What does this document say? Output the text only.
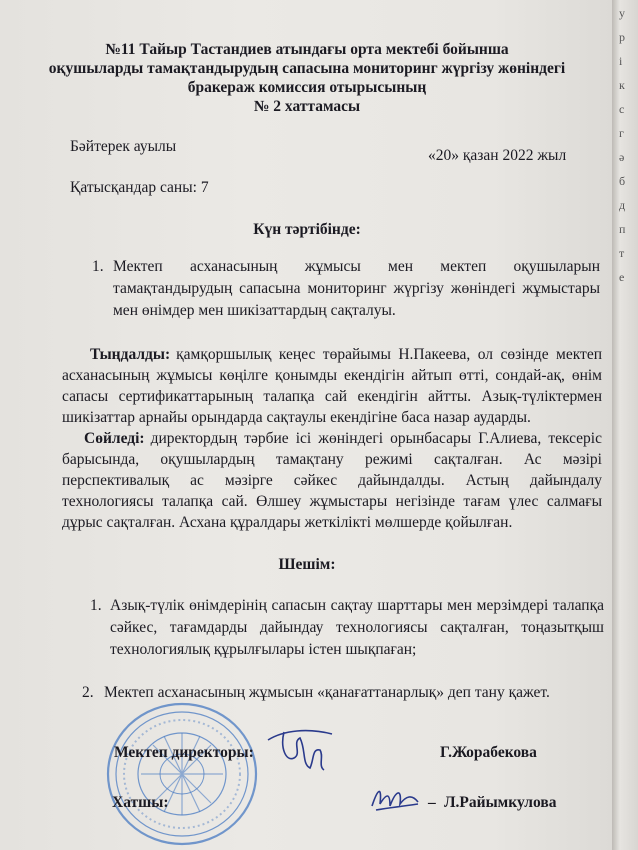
№11 Тайыр Тастандиев атындағы орта мектебі бойынша
оқушыларды тамақтандырудың сапасына мониторинг жүргізу жөніндегі
бракераж комиссия отырысының
№ 2 хаттамасы
Бәйтерек ауылы
«20» қазан 2022 жыл
Қатысқандар саны: 7
Күн тәртібінде:
1. Мектеп асханасының жұмысы мен мектеп оқушыларын
тамақтандырудың сапасына мониторинг жүргізу жөніндегі жұмыстары
мен өнімдер мен шикізаттардың сақталуы.
Тыңдалды: қамқоршылық кеңес төрайымы Н.Пакеева, ол сөзінде мектеп
асханасының жұмысы көңілге қонымды екендігін айтып өтті, сондай-ақ, өнім
сапасы сертификаттарының талапқа сай екендігін айтты. Азық-түліктермен
шикізаттар арнайы орындарда сақтаулы екендігіне баса назар аударды.
Сөйледі: директордың тәрбие ісі жөніндегі орынбасары Г.Алиева, тексеріс
барысында, оқушылардың тамақтану режимі сақталған. Ас мәзірі
перспективалық ас мәзірге сәйкес дайындалды. Астың дайындалу
технологиясы талапқа сай. Өлшеу жұмыстары негізінде тағам үлес салмағы
дұрыс сақталған. Асхана құралдары жеткілікті мөлшерде қойылған.
Шешім:
1. Азық-түлік өнімдерінің сапасын сақтау шарттары мен мерзімдері талапқа
сәйкес, тағамдарды дайындау технологиясы сақталған, тоңазытқыш
технологиялық құрылғылары істен шықпаған;
2. Мектеп асханасының жұмысын «қанағаттанарлық» деп тану қажет.
Мектеп директоры:	Г.Жорабекова
Хатшы:	– Л.Райымкулова
у
р
і
к
с
г
ә
б
д
п
т
е
